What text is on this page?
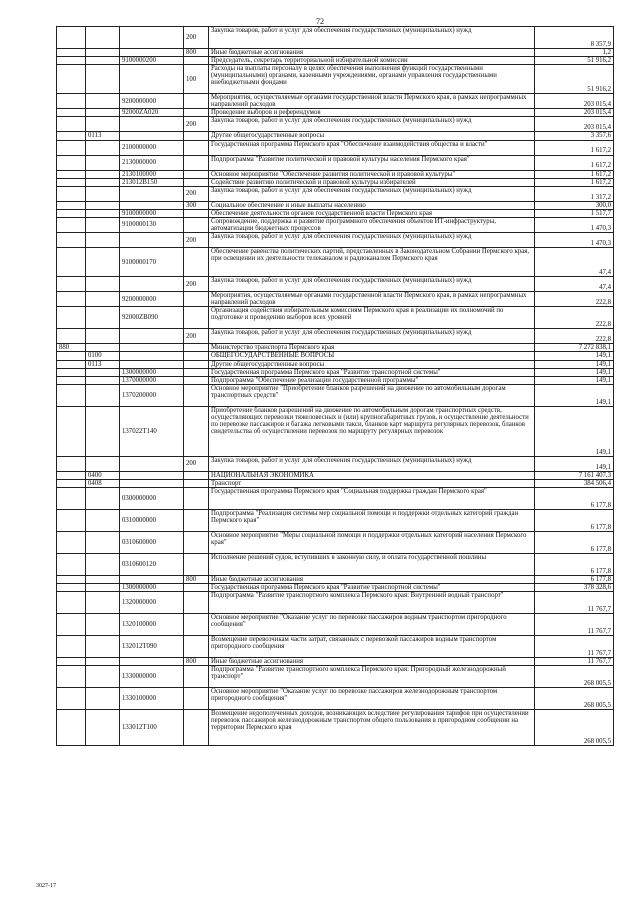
72
			200	Закупка товаров, работ и услуг для обеспечения государственных (муниципальных) нужд	8 357,9
			800	Иные бюджетные ассигнования	1,2
		9100000200		Председатель, секретарь территориальной избирательной комиссии	51 916,2
			100	Расходы на выплаты персоналу в целях обеспечения выполнения функций государственными (муниципальными) органами, казенными учреждениями, органами управления государственными внебюджетными фондами	51 916,2
		9200000000		Мероприятия, осуществляемые органами государственной власти Пермского края, в рамках непрограммных направлений расходов	203 015,4
		92000ZA020		Проведение выборов и референдумов	203 015,4
			200	Закупка товаров, работ и услуг для обеспечения государственных (муниципальных) нужд	203 015,4
	0113			Другие общегосударственные вопросы	3 357,6
		2100000000		Государственная программа Пермского края "Обеспечение взаимодействия общества и власти"	1 617,2
		2130000000		Подпрограмма "Развитие политической и правовой культуры населения Пермского края"	1 617,2
		2130100000		Основное мероприятие "Обеспечение развития политической и правовой культуры"	1 617,2
		213012B150		Содействие развитию политической и правовой культуры избирателей	1 617,2
			200	Закупка товаров, работ и услуг для обеспечения государственных (муниципальных) нужд	1 317,2
			300	Социальное обеспечение и иные выплаты населению	300,0
		9100000000		Обеспечение деятельности органов государственной власти Пермского края	1 517,7
		9100000130		Сопровождение, поддержка и развитие программного обеспечения объектов ИТ-инфраструктуры, автоматизации бюджетных процессов	1 470,3
			200	Закупка товаров, работ и услуг для обеспечения государственных (муниципальных) нужд	1 470,3
		9100000170		Обеспечение равенства политических партий, представленных в Законодательном Собрании Пермского края, при освещении их деятельности телеканалом и радиоканалом Пермского края	47,4
			200	Закупка товаров, работ и услуг для обеспечения государственных (муниципальных) нужд	47,4
		9200000000		Мероприятия, осуществляемые органами государственной власти Пермского края, в рамках непрограммных направлений расходов	222,8
		92000ZB090		Организация содействия избирательным комиссиям Пермского края в реализации их полномочий по подготовке и проведению выборов всех уровней	222,8
			200	Закупка товаров, работ и услуг для обеспечения государственных (муниципальных) нужд	222,8
880				Министерство транспорта Пермского края	7 272 838,1
	0100			ОБЩЕГОСУДАРСТВЕННЫЕ ВОПРОСЫ	149,1
	0113			Другие общегосударственные вопросы	149,1
		1300000000		Государственная программа Пермского края "Развитие транспортной системы"	149,1
		1370000000		Подпрограмма "Обеспечение реализации государственной программы"	149,1
		1370200000		Основное мероприятие "Приобретение бланков разрешений на движение по автомобильным дорогам транспортных средств"	149,1
		137022T140		Приобретение бланков разрешений на движение по автомобильным дорогам транспортных средств, осуществляющих перевозки тяжеловесных и (или) крупногабаритных грузов, и осуществление деятельности по перевозке пассажиров и багажа легковыми такси, бланков карт маршрута регулярных перевозок, бланков свидетельства об осуществлении перевозок по маршруту регулярных перевозок	149,1
			200	Закупка товаров, работ и услуг для обеспечения государственных (муниципальных) нужд	149,1
	0400			НАЦИОНАЛЬНАЯ ЭКОНОМИКА	7 161 407,3
	0408			Транспорт	384 506,4
		0300000000		Государственная программа Пермского края "Социальная поддержка граждан Пермского края"	6 177,8
		0310000000		Подпрограмма "Реализация системы мер социальной помощи и поддержки отдельных категорий граждан Пермского края"	6 177,8
		0310600000		Основное мероприятие "Меры социальной помощи и поддержки отдельных категорий населения Пермского края"	6 177,8
		0310600120		Исполнение решений судов, вступивших в законную силу, и оплата государственной пошлины	6 177,8
			800	Иные бюджетные ассигнования	6 177,8
		1300000000		Государственная программа Пермского края "Развитие транспортной системы"	378 328,6
		1320000000		Подпрограмма "Развитие транспортного комплекса Пермского края: Внутренний водный транспорт"	11 767,7
		1320100000		Основное мероприятие "Оказание услуг по перевозке пассажиров водным транспортом пригородного сообщения"	11 767,7
		132012T090		Возмещение перевозчикам части затрат, связанных с перевозкой пассажиров водным транспортом пригородного сообщения	11 767,7
			800	Иные бюджетные ассигнования	11 767,7
		1330000000		Подпрограмма "Развитие транспортного комплекса Пермского края: Пригородный железнодорожный транспорт"	268 005,5
		1330100000		Основное мероприятие "Оказание услуг по перевозке пассажиров железнодорожным транспортом пригородного сообщения"	268 005,5
		133012T100		Возмещение недополученных доходов, возникающих вследствие регулирования тарифов при осуществлении перевозок пассажиров железнодорожным транспортом общего пользования в пригородном сообщении на территории Пермского края	268 005,5
3027-17
